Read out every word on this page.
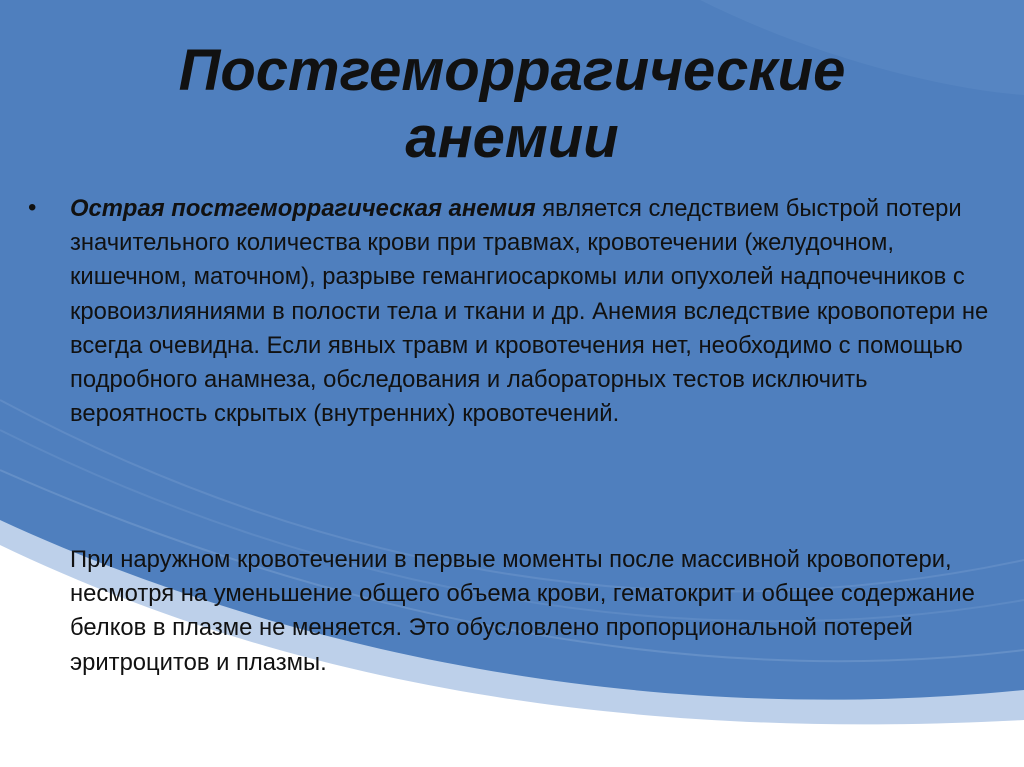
Постгеморрагические
анемии
• Острая постгеморрагическая анемия является следствием быстрой потери значительного количества крови при травмах, кровотечении (желудочном, кишечном, маточном), разрыве гемангиосаркомы или опухолей надпочечников с кровоизлияниями в полости тела и ткани и др. Анемия вследствие кровопотери не всегда очевидна. Если явных травм и кровотечения нет, необходимо с помощью подробного анамнеза, обследования и лабораторных тестов исключить вероятность скрытых (внутренних) кровотечений.

При наружном кровотечении в первые моменты после массивной кровопотери, несмотря на уменьшение общего объема крови, гематокрит и общее содержание белков в плазме не меняется. Это обусловлено пропорциональной потерей эритроцитов и плазмы.
